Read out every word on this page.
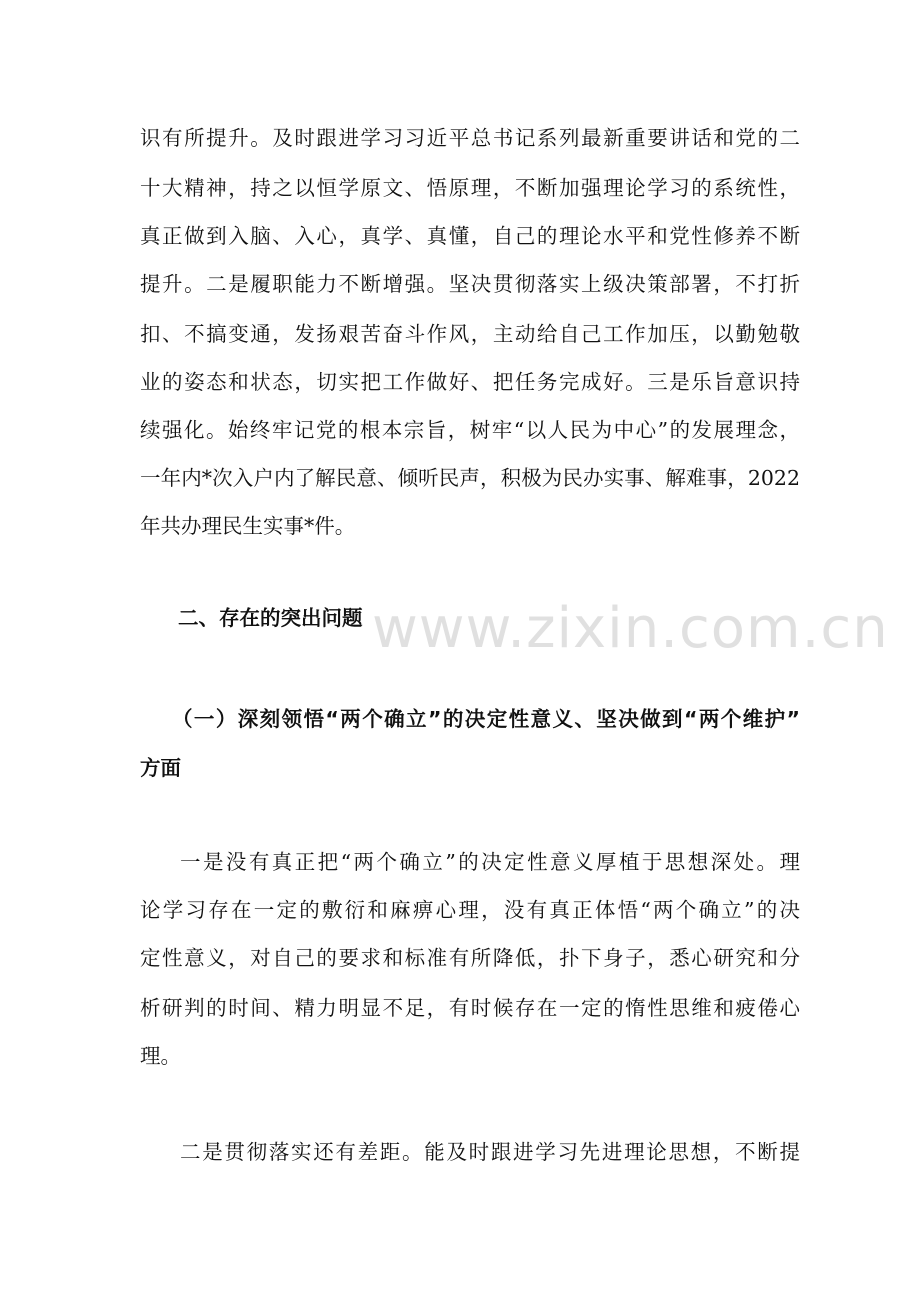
www.zixin.com.cn
识有所提升。及时跟进学习习近平总书记系列最新重要讲话和党的二
十大精神，持之以恒学原文、悟原理，不断加强理论学习的系统性，
真正做到入脑、入心，真学、真懂，自己的理论水平和党性修养不断
提升。二是履职能力不断增强。坚决贯彻落实上级决策部署，不打折
扣、不搞变通，发扬艰苦奋斗作风，主动给自己工作加压，以勤勉敬
业的姿态和状态，切实把工作做好、把任务完成好。三是乐旨意识持
续强化。始终牢记党的根本宗旨，树牢“以人民为中心”的发展理念，
一年内*次入户内了解民意、倾听民声，积极为民办实事、解难事，2022
年共办理民生实事*件。
二、存在的突出问题
（一）深刻领悟“两个确立”的决定性意义、坚决做到“两个维护”
方面
一是没有真正把“两个确立”的决定性意义厚植于思想深处。理
论学习存在一定的敷衍和麻痹心理，没有真正体悟“两个确立”的决
定性意义，对自己的要求和标准有所降低，扑下身子，悉心研究和分
析研判的时间、精力明显不足，有时候存在一定的惰性思维和疲倦心
理。
二是贯彻落实还有差距。能及时跟进学习先进理论思想，不断提
